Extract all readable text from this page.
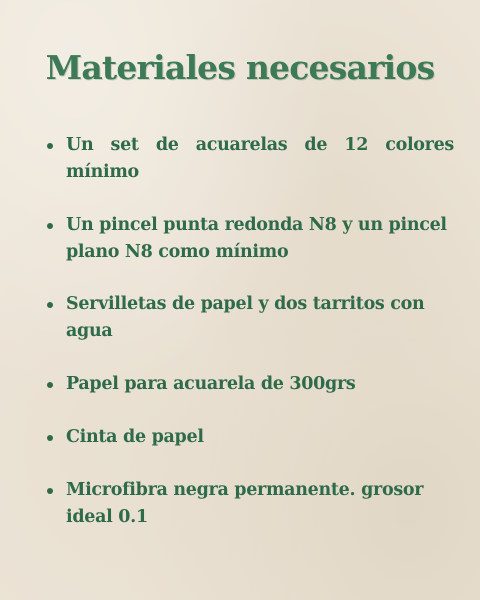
Materiales necesarios
Un set de acuarelas de 12 colores mínimo
Un pincel punta redonda N8 y un pincel plano N8 como mínimo
Servilletas de papel y dos tarritos con agua
Papel para acuarela de 300grs
Cinta de papel
Microfibra negra permanente. grosor ideal 0.1
